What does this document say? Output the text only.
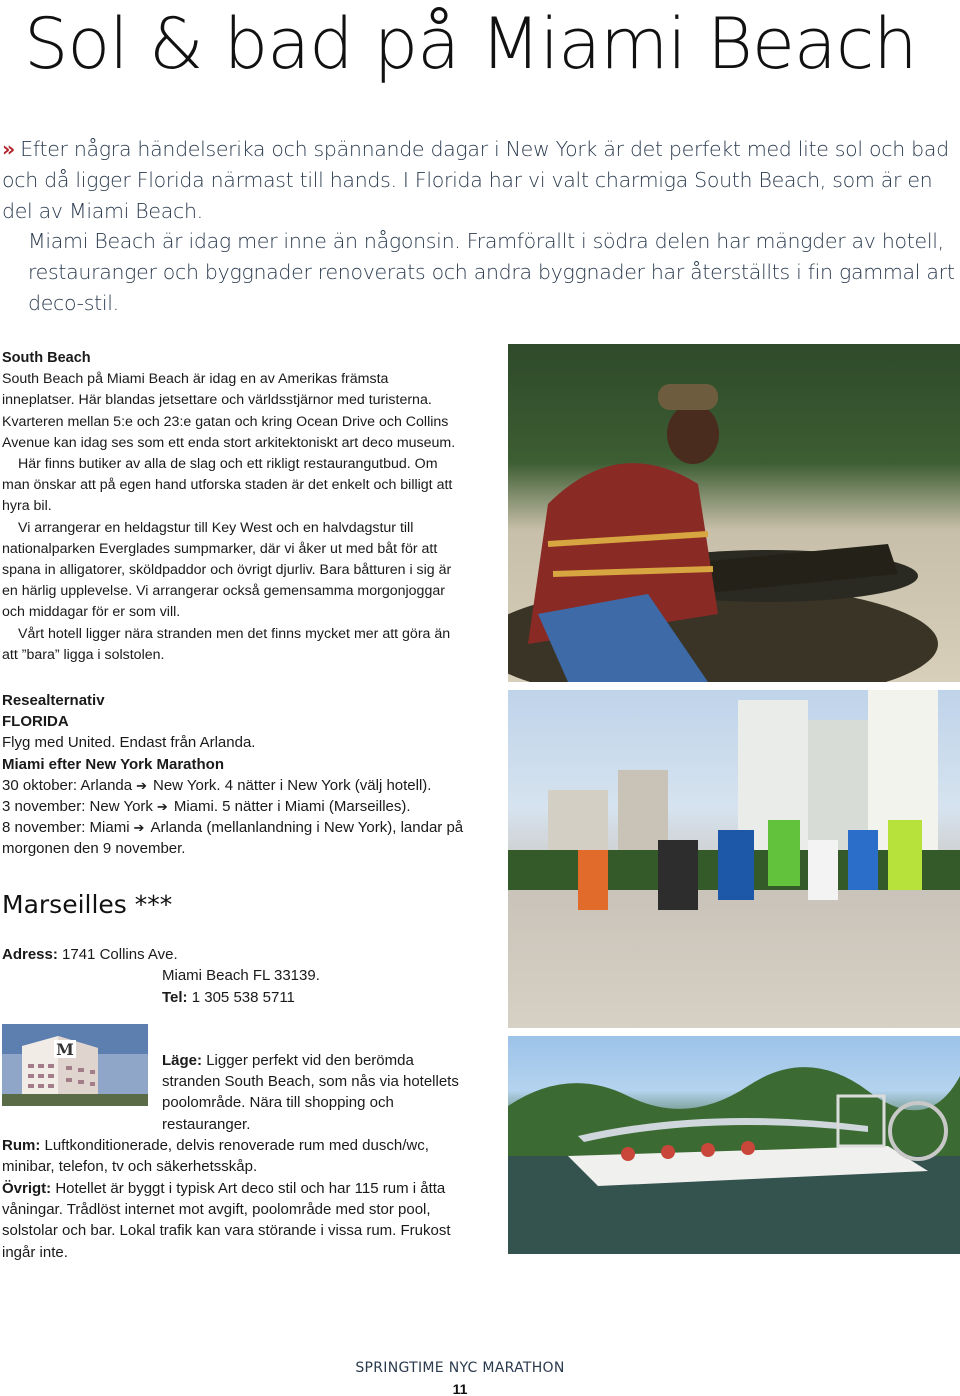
Sol & bad på Miami Beach

» Efter några händelserika och spännande dagar i New York är det perfekt med lite sol och bad och då ligger Florida närmast till hands. I Florida har vi valt charmiga South Beach, som är en del av Miami Beach.

Miami Beach är idag mer inne än någonsin. Framförallt i södra delen har mängder av hotell, restauranger och byggnader renoverats och andra byggnader har återställts i fin gammal art deco-stil.

South Beach

South Beach på Miami Beach är idag en av Amerikas främsta inneplatser. Här blandas jetsettare och världsstjärnor med turisterna. Kvarteren mellan 5:e och 23:e gatan och kring Ocean Drive och Collins Avenue kan idag ses som ett enda stort arkitektoniskt art deco museum.

Här finns butiker av alla de slag och ett rikligt restaurangutbud. Om man önskar att på egen hand utforska staden är det enkelt och billigt att hyra bil.

Vi arrangerar en heldagstur till Key West och en halvdagstur till nationalparken Everglades sumpmarker, där vi åker ut med båt för att spana in alligatorer, sköldpaddor och övrigt djurliv. Bara båtturen i sig är en härlig upplevelse. Vi arrangerar också gemensamma morgonjoggar och middagar för er som vill.

Vårt hotell ligger nära stranden men det finns mycket mer att göra än att ”bara” ligga i solstolen.

Resealternativ
FLORIDA
Flyg med United. Endast från Arlanda.
Miami efter New York Marathon
30 oktober: Arlanda ➔ New York. 4 nätter i New York (välj hotell).
3 november: New York ➔ Miami. 5 nätter i Miami (Marseilles).
8 november: Miami ➔ Arlanda (mellanlandning i New York), landar på morgonen den 9 november.
Marseilles ***
Adress: 1741 Collins Ave.
Miami Beach FL 33139.
Tel: 1 305 538 5711
Läge: Ligger perfekt vid den berömda stranden South Beach, som nås via hotellets poolområde. Nära till shopping och restauranger.
Rum: Luftkonditionerade, delvis renoverade rum med dusch/wc, minibar, telefon, tv och säkerhetsskåp.
Övrigt: Hotellet är byggt i typisk Art deco stil och har 115 rum i åtta våningar. Trådlöst internet mot avgift, poolområde med stor pool, solstolar och bar. Lokal trafik kan vara störande i vissa rum. Frukost ingår inte.
M
SPRINGTIME NYC MARATHON
11
